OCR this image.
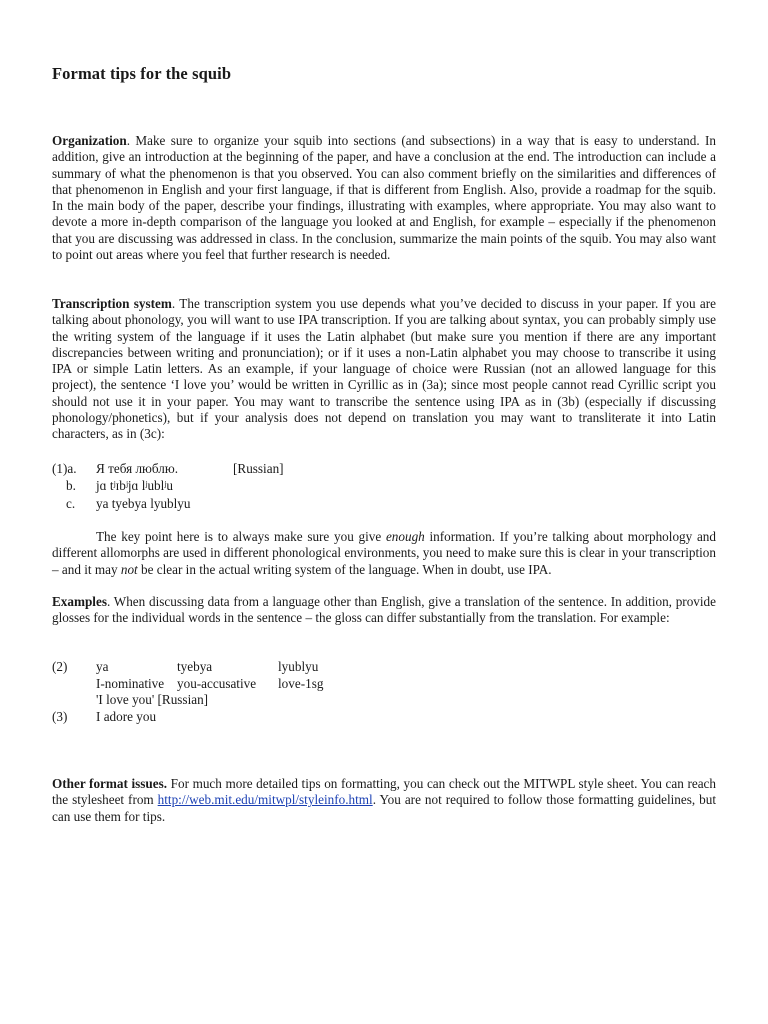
Format tips for the squib

Organization. Make sure to organize your squib into sections (and subsections) in a way that is easy to understand. In addition, give an introduction at the beginning of the paper, and have a conclusion at the end. The introduction can include a summary of what the phenomenon is that you observed. You can also comment briefly on the similarities and differences of that phenomenon in English and your first language, if that is different from English. Also, provide a roadmap for the squib. In the main body of the paper, describe your findings, illustrating with examples, where appropriate. You may also want to devote a more in-depth comparison of the language you looked at and English, for example – especially if the phenomenon that you are discussing was addressed in class. In the conclusion, summarize the main points of the squib. You may also want to point out areas where you feel that further research is needed.

Transcription system. The transcription system you use depends what you’ve decided to discuss in your paper. If you are talking about phonology, you will want to use IPA transcription. If you are talking about syntax, you can probably simply use the writing system of the language if it uses the Latin alphabet (but make sure you mention if there are any important discrepancies between writing and pronunciation); or if it uses a non-Latin alphabet you may choose to transcribe it using IPA or simple Latin letters. As an example, if your language of choice were Russian (not an allowed language for this project), the sentence ‘I love you’ would be written in Cyrillic as in (3a); since most people cannot read Cyrillic script you should not use it in your paper. You may want to transcribe the sentence using IPA as in (3b) (especially if discussing phonology/phonetics), but if your analysis does not depend on translation you may want to transliterate it into Latin characters, as in (3c):

(1)a. Я тебя люблю.	[Russian]
b. jɑ tʲɪbʲjɑ lʲublʲu
c. ya tyebya lyublyu

The key point here is to always make sure you give enough information. If you’re talking about morphology and different allomorphs are used in different phonological environments, you need to make sure this is clear in your transcription – and it may not be clear in the actual writing system of the language. When in doubt, use IPA.

Examples. When discussing data from a language other than English, give a translation of the sentence. In addition, provide glosses for the individual words in the sentence – the gloss can differ substantially from the translation. For example:

(2) ya	tyebya	lyublyu
I-nominative you-accusative love-1sg
'I love you' [Russian]
(3) I adore you

Other format issues. For much more detailed tips on formatting, you can check out the MITWPL style sheet. You can reach the stylesheet from http://web.mit.edu/mitwpl/styleinfo.html. You are not required to follow those formatting guidelines, but can use them for tips.
